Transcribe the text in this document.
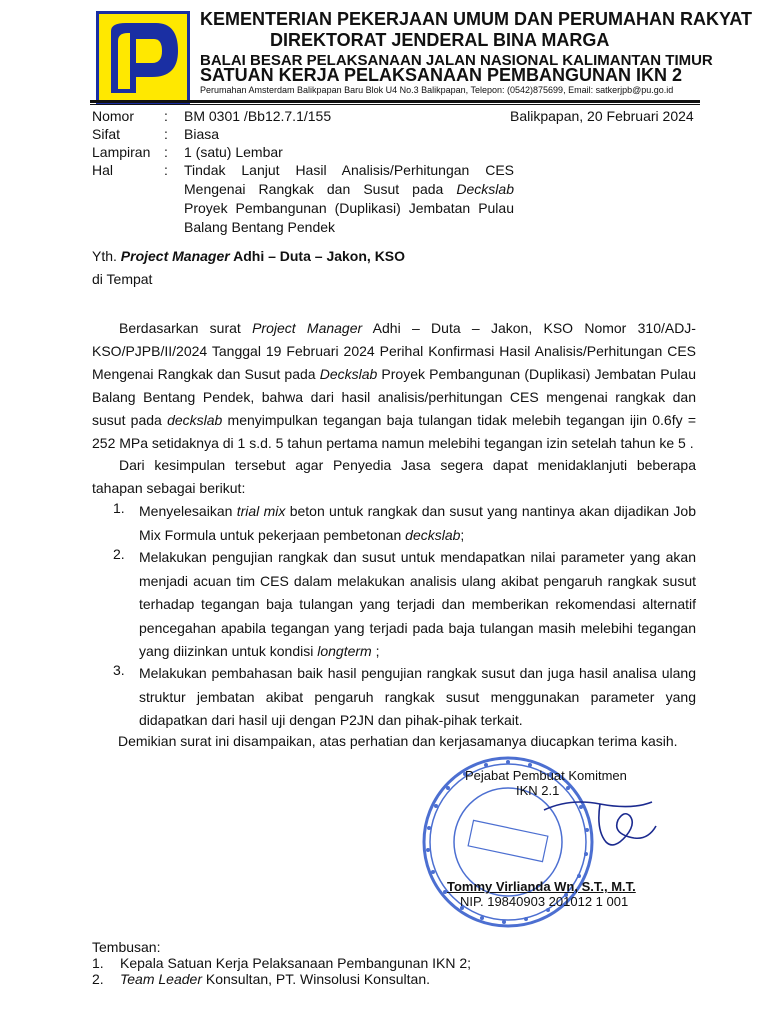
KEMENTERIAN PEKERJAAN UMUM DAN PERUMAHAN RAKYAT
DIREKTORAT JENDERAL BINA MARGA
BALAI BESAR PELAKSANAAN JALAN NASIONAL KALIMANTAN TIMUR
SATUAN KERJA PELAKSANAAN PEMBANGUNAN IKN 2
Perumahan Amsterdam Balikpapan Baru Blok U4 No.3 Balikpapan, Telepon: (0542)875699, Email: satkerjpb@pu.go.id
Balikpapan, 20 Februari 2024
Nomor : BM 0301 /Bb12.7.1/155
Sifat	: Biasa
Lampiran : 1 (satu) Lembar
Hal	: Tindak Lanjut Hasil Analisis/Perhitungan CES Mengenai Rangkak dan Susut pada Deckslab Proyek Pembangunan (Duplikasi) Jembatan Pulau Balang Bentang Pendek
Yth. Project Manager Adhi – Duta – Jakon, KSO
di Tempat
Berdasarkan surat Project Manager Adhi – Duta – Jakon, KSO Nomor 310/ADJ-KSO/PJPB/II/2024 Tanggal 19 Februari 2024 Perihal Konfirmasi Hasil Analisis/Perhitungan CES Mengenai Rangkak dan Susut pada Deckslab Proyek Pembangunan (Duplikasi) Jembatan Pulau Balang Bentang Pendek, bahwa dari hasil analisis/perhitungan CES mengenai rangkak dan susut pada deckslab menyimpulkan tegangan baja tulangan tidak melebih tegangan ijin 0.6fy = 252 MPa setidaknya di 1 s.d. 5 tahun pertama namun melebihi tegangan izin setelah tahun ke 5 .
Dari kesimpulan tersebut agar Penyedia Jasa segera dapat menidaklanjuti beberapa tahapan sebagai berikut:
1. Menyelesaikan trial mix beton untuk rangkak dan susut yang nantinya akan dijadikan Job Mix Formula untuk pekerjaan pembetonan deckslab;
2. Melakukan pengujian rangkak dan susut untuk mendapatkan nilai parameter yang akan menjadi acuan tim CES dalam melakukan analisis ulang akibat pengaruh rangkak susut terhadap tegangan baja tulangan yang terjadi dan memberikan rekomendasi alternatif pencegahan apabila tegangan yang terjadi pada baja tulangan masih melebihi tegangan yang diizinkan untuk kondisi longterm ;
3. Melakukan pembahasan baik hasil pengujian rangkak susut dan juga hasil analisa ulang struktur jembatan akibat pengaruh rangkak susut menggunakan parameter yang didapatkan dari hasil uji dengan P2JN dan pihak-pihak terkait.
Demikian surat ini disampaikan, atas perhatian dan kerjasamanya diucapkan terima kasih.
Pejabat Pembuat Komitmen
IKN 2.1
Tommy Virlianda Wn, S.T., M.T.
NIP. 19840903 201012 1 001
Tembusan:
1. Kepala Satuan Kerja Pelaksanaan Pembangunan IKN 2;
2. Team Leader Konsultan, PT. Winsolusi Konsultan.
